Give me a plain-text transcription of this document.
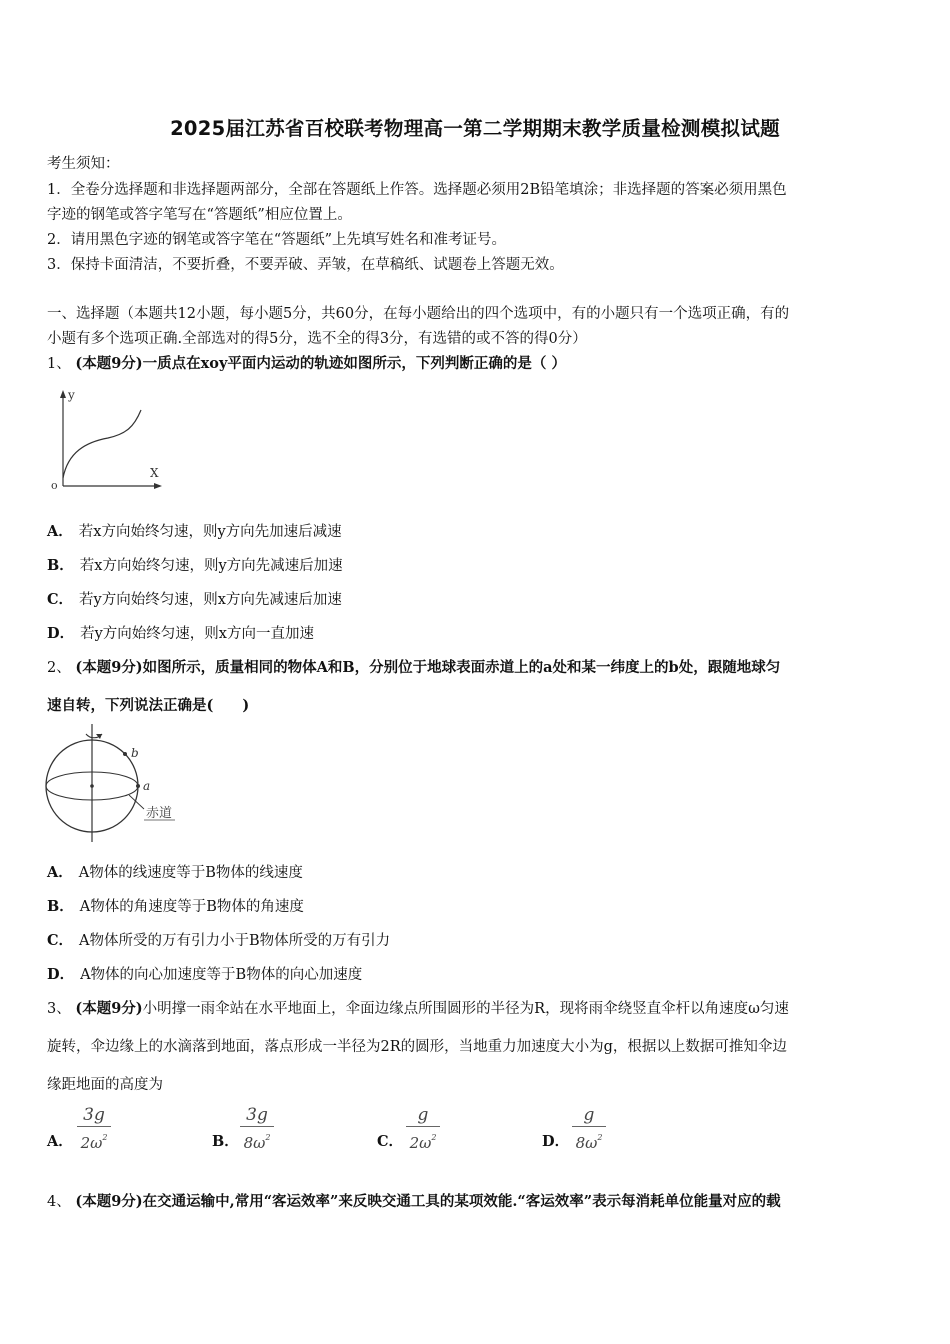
2025届江苏省百校联考物理高一第二学期期末教学质量检测模拟试题
考生须知：
1．全卷分选择题和非选择题两部分，全部在答题纸上作答。选择题必须用2B铅笔填涂；非选择题的答案必须用黑色
字迹的钢笔或答字笔写在“答题纸”相应位置上。
2．请用黑色字迹的钢笔或答字笔在“答题纸”上先填写姓名和准考证号。
3．保持卡面清洁，不要折叠，不要弄破、弄皱，在草稿纸、试题卷上答题无效。
一、选择题（本题共12小题，每小题5分，共60分，在每小题给出的四个选项中，有的小题只有一个选项正确，有的
小题有多个选项正确.全部选对的得5分，选不全的得3分，有选错的或不答的得0分）
1、 (本题9分)一质点在xoy平面内运动的轨迹如图所示，下列判断正确的是（ ）
y
X
o
A． 若x方向始终匀速，则y方向先加速后减速
B． 若x方向始终匀速，则y方向先减速后加速
C． 若y方向始终匀速，则x方向先减速后加速
D． 若y方向始终匀速，则x方向一直加速
2、 (本题9分)如图所示，质量相同的物体A和B，分别位于地球表面赤道上的a处和某一纬度上的b处，跟随地球匀
速自转，下列说法正确是(　　)
b
a
赤道
A． A物体的线速度等于B物体的线速度
B． A物体的角速度等于B物体的角速度
C． A物体所受的万有引力小于B物体所受的万有引力
D． A物体的向心加速度等于B物体的向心加速度
3、 (本题9分)小明撑一雨伞站在水平地面上，伞面边缘点所围圆形的半径为R，现将雨伞绕竖直伞杆以角速度ω匀速
旋转，伞边缘上的水滴落到地面，落点形成一半径为2R的圆形，当地重力加速度大小为g，根据以上数据可推知伞边
缘距地面的高度为
A．
3g
$2\omega^2$	B．
3g
$8\omega^2$	C．
g
$2\omega^2$	D．
g
$8\omega^2$
4、 (本题9分)在交通运输中,常用“客运效率”来反映交通工具的某项效能.“客运效率”表示每消耗单位能量对应的载
